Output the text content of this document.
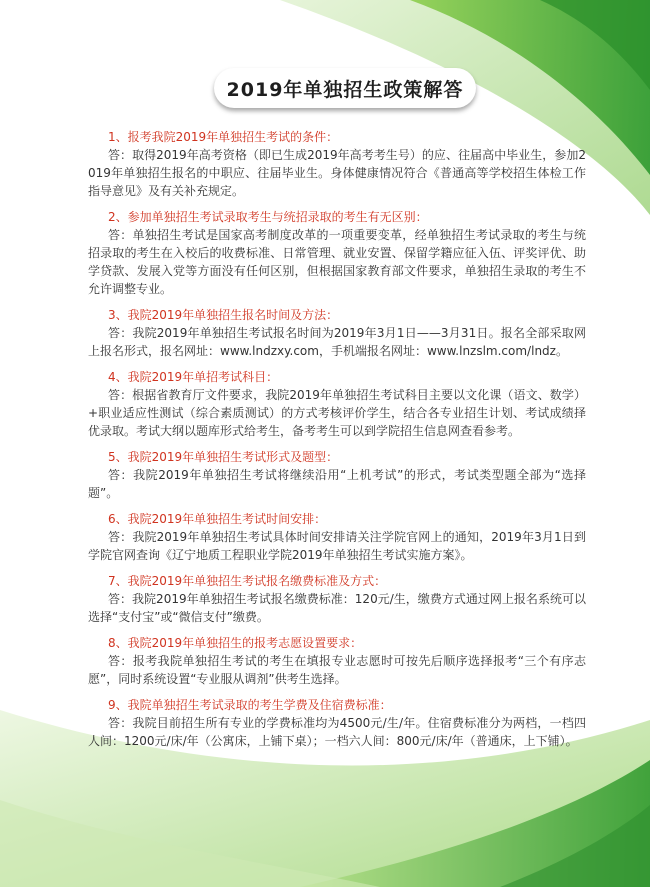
2019年单独招生政策解答

1、报考我院2019年单独招生考试的条件：

答：取得2019年高考资格（即已生成2019年高考考生号）的应、往届高中毕业生，参加2019年单独招生报名的中职应、往届毕业生。身体健康情况符合《普通高等学校招生体检工作指导意见》及有关补充规定。

2、参加单独招生考试录取考生与统招录取的考生有无区别：

答：单独招生考试是国家高考制度改革的一项重要变革，经单独招生考试录取的考生与统招录取的考生在入校后的收费标准、日常管理、就业安置、保留学籍应征入伍、评奖评优、助学贷款、发展入党等方面没有任何区别，但根据国家教育部文件要求，单独招生录取的考生不允许调整专业。

3、我院2019年单独招生报名时间及方法：

答：我院2019年单独招生考试报名时间为2019年3月1日——3月31日。报名全部采取网上报名形式，报名网址：www.lndzxy.com，手机端报名网址：www.lnzslm.com/lndz。

4、我院2019年单招考试科目：

答：根据省教育厅文件要求，我院2019年单独招生考试科目主要以文化课（语文、数学）+职业适应性测试（综合素质测试）的方式考核评价学生，结合各专业招生计划、考试成绩择优录取。考试大纲以题库形式给考生，备考考生可以到学院招生信息网查看参考。

5、我院2019年单独招生考试形式及题型：

答：我院2019年单独招生考试将继续沿用“上机考试”的形式，考试类型题全部为“选择题”。

6、我院2019年单独招生考试时间安排：

答：我院2019年单独招生考试具体时间安排请关注学院官网上的通知，2019年3月1日到学院官网查询《辽宁地质工程职业学院2019年单独招生考试实施方案》。

7、我院2019年单独招生考试报名缴费标准及方式：

答：我院2019年单独招生考试报名缴费标准：120元/生，缴费方式通过网上报名系统可以选择“支付宝”或“微信支付”缴费。

8、我院2019年单独招生的报考志愿设置要求：

答：报考我院单独招生考试的考生在填报专业志愿时可按先后顺序选择报考“三个有序志愿”，同时系统设置“专业服从调剂”供考生选择。

9、我院单独招生考试录取的考生学费及住宿费标准：

答：我院目前招生所有专业的学费标准均为4500元/生/年。住宿费标准分为两档，一档四人间：1200元/床/年（公寓床，上铺下桌）；一档六人间：800元/床/年（普通床，上下铺）。
